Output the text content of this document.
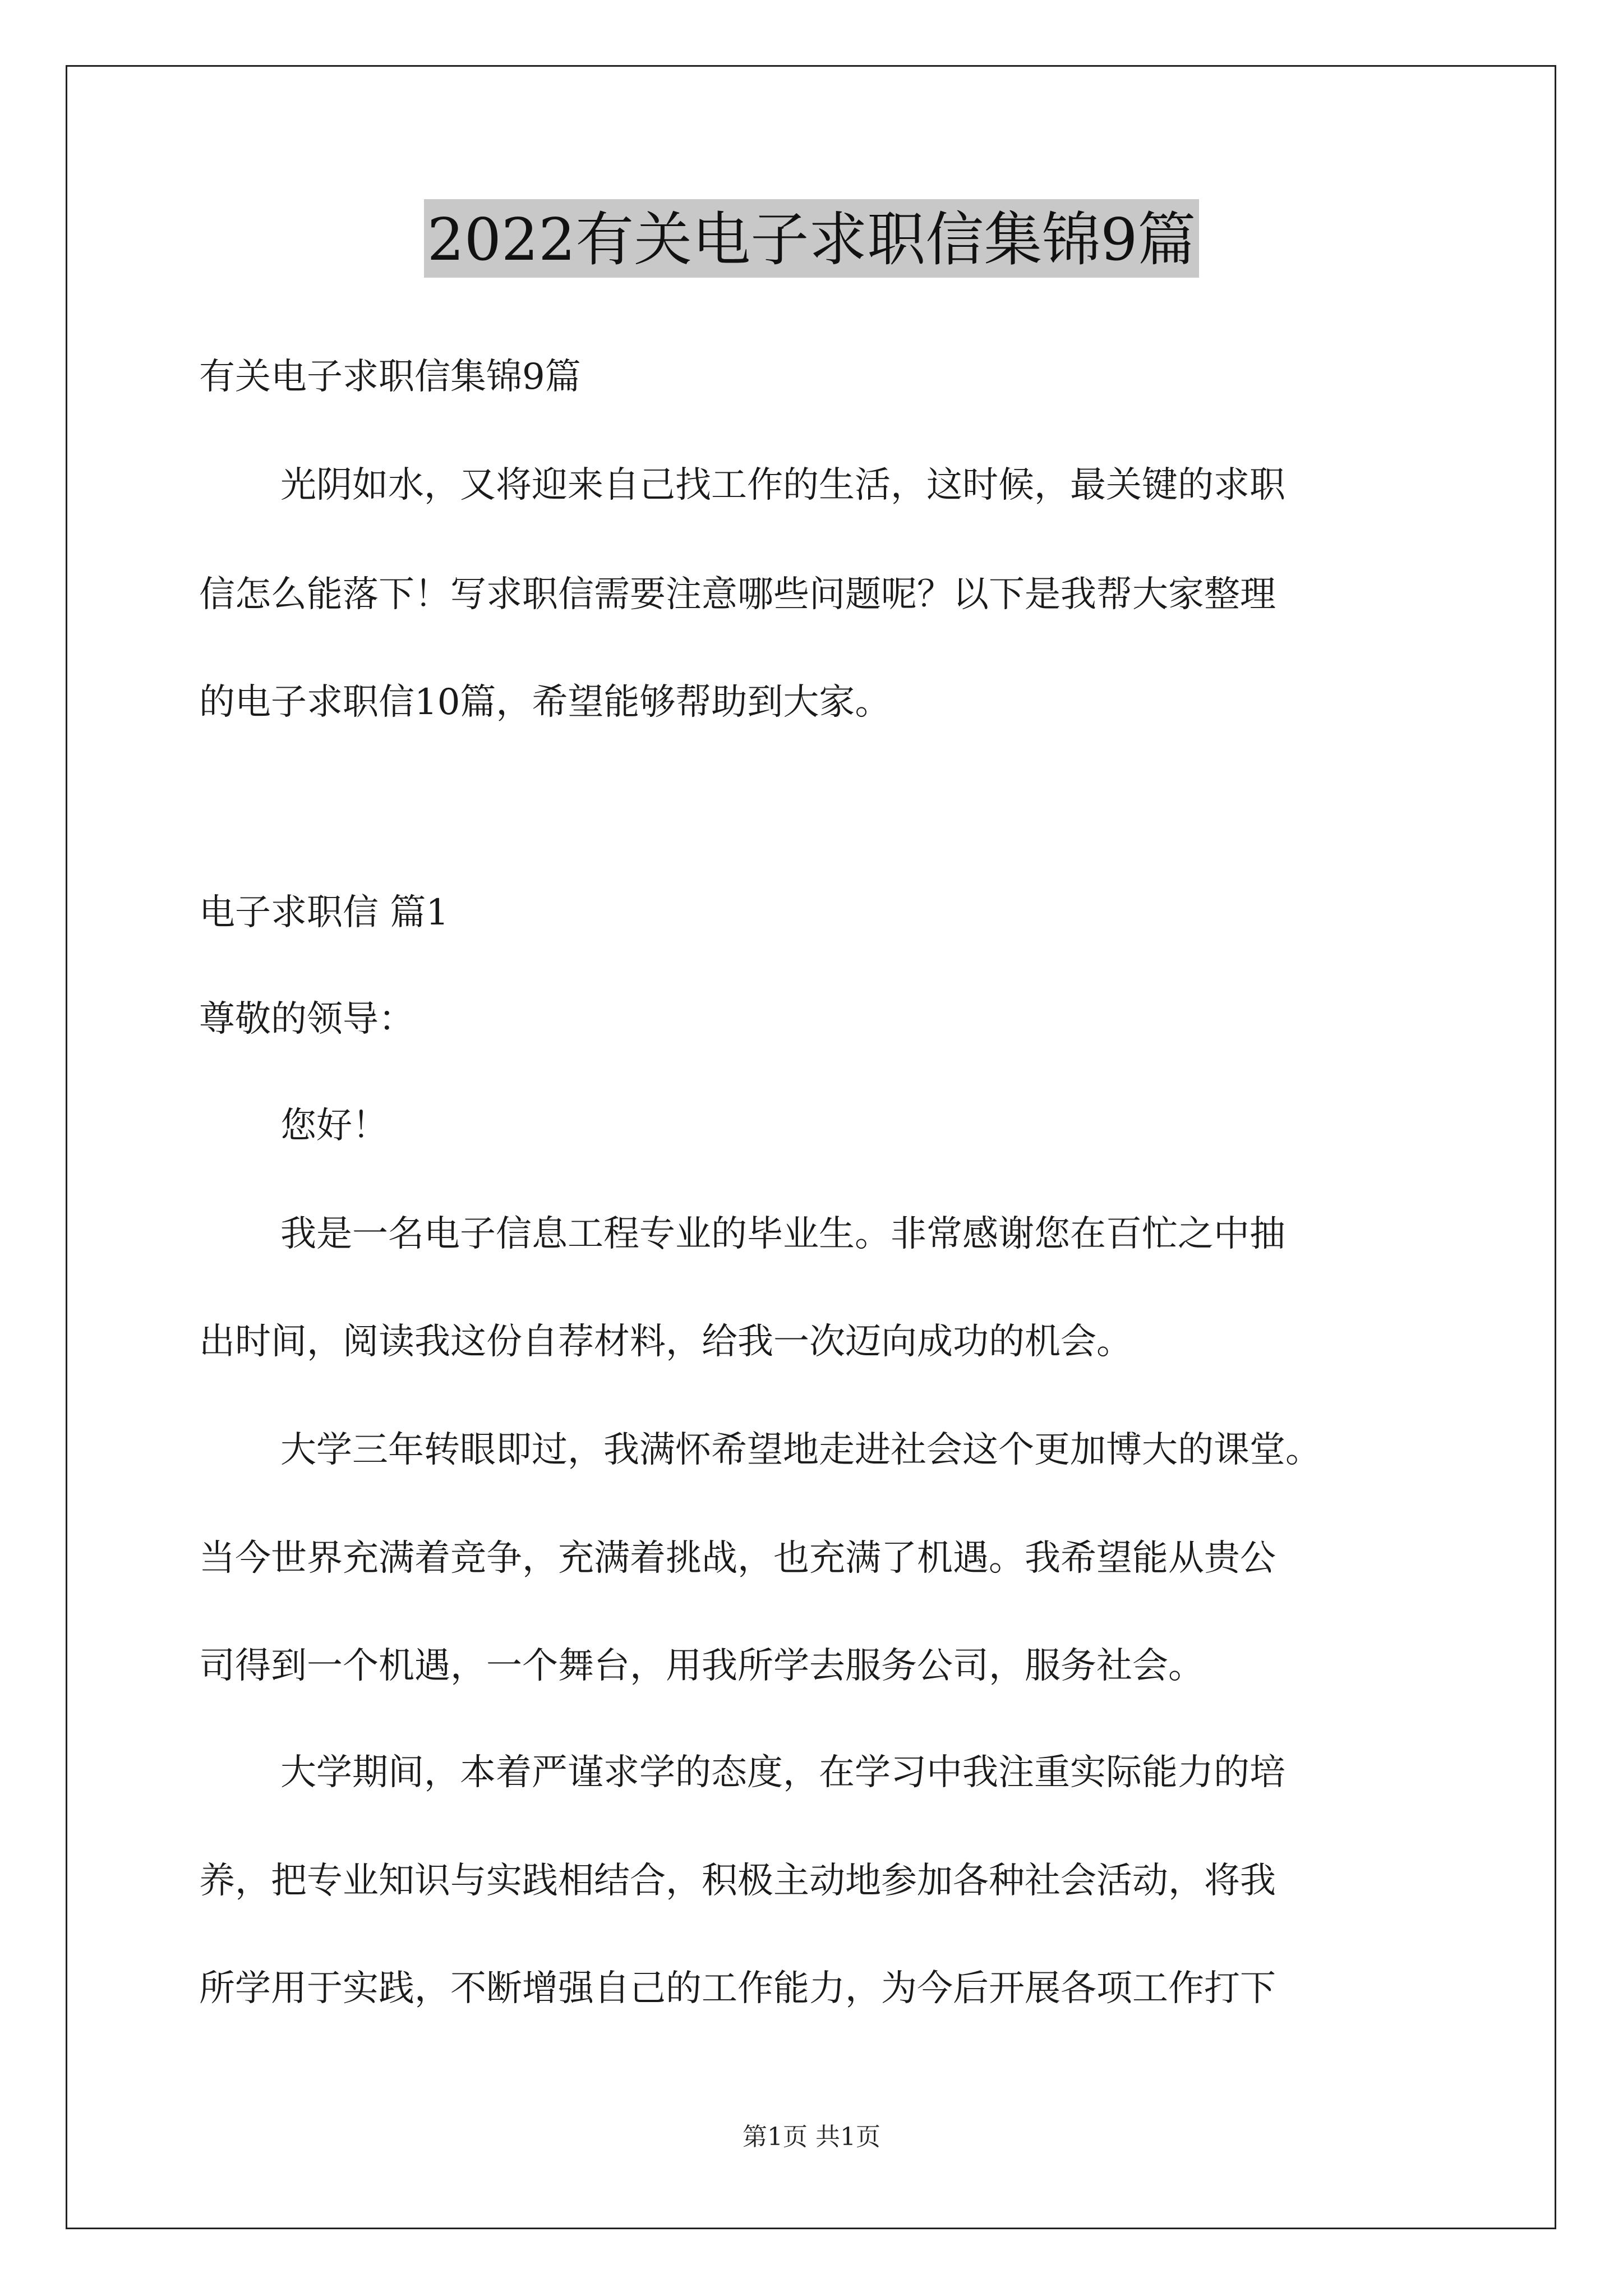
2022有关电子求职信集锦9篇
有关电子求职信集锦9篇
光阴如水，又将迎来自己找工作的生活，这时候，最关键的求职
信怎么能落下！写求职信需要注意哪些问题呢？以下是我帮大家整理
的电子求职信10篇，希望能够帮助到大家。
电子求职信 篇1
尊敬的领导：
您好！
我是一名电子信息工程专业的毕业生。非常感谢您在百忙之中抽
出时间，阅读我这份自荐材料，给我一次迈向成功的机会。
大学三年转眼即过，我满怀希望地走进社会这个更加博大的课堂。
当今世界充满着竞争，充满着挑战，也充满了机遇。我希望能从贵公
司得到一个机遇，一个舞台，用我所学去服务公司，服务社会。
大学期间，本着严谨求学的态度，在学习中我注重实际能力的培
养，把专业知识与实践相结合，积极主动地参加各种社会活动，将我
所学用于实践，不断增强自己的工作能力，为今后开展各项工作打下
第1页 共1页
